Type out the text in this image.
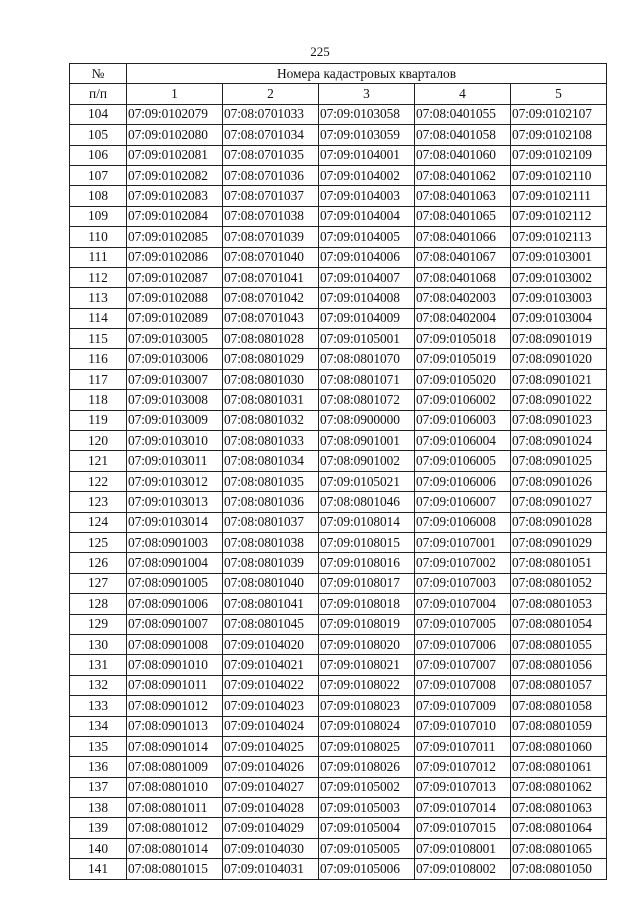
225
№	Номера кадастровых кварталов				
п/п	1	2	3	4	5
104	07:09:0102079	07:08:0701033	07:09:0103058	07:08:0401055	07:09:0102107
105	07:09:0102080	07:08:0701034	07:09:0103059	07:08:0401058	07:09:0102108
106	07:09:0102081	07:08:0701035	07:09:0104001	07:08:0401060	07:09:0102109
107	07:09:0102082	07:08:0701036	07:09:0104002	07:08:0401062	07:09:0102110
108	07:09:0102083	07:08:0701037	07:09:0104003	07:08:0401063	07:09:0102111
109	07:09:0102084	07:08:0701038	07:09:0104004	07:08:0401065	07:09:0102112
110	07:09:0102085	07:08:0701039	07:09:0104005	07:08:0401066	07:09:0102113
111	07:09:0102086	07:08:0701040	07:09:0104006	07:08:0401067	07:09:0103001
112	07:09:0102087	07:08:0701041	07:09:0104007	07:08:0401068	07:09:0103002
113	07:09:0102088	07:08:0701042	07:09:0104008	07:08:0402003	07:09:0103003
114	07:09:0102089	07:08:0701043	07:09:0104009	07:08:0402004	07:09:0103004
115	07:09:0103005	07:08:0801028	07:09:0105001	07:09:0105018	07:08:0901019
116	07:09:0103006	07:08:0801029	07:08:0801070	07:09:0105019	07:08:0901020
117	07:09:0103007	07:08:0801030	07:08:0801071	07:09:0105020	07:08:0901021
118	07:09:0103008	07:08:0801031	07:08:0801072	07:09:0106002	07:08:0901022
119	07:09:0103009	07:08:0801032	07:08:0900000	07:09:0106003	07:08:0901023
120	07:09:0103010	07:08:0801033	07:08:0901001	07:09:0106004	07:08:0901024
121	07:09:0103011	07:08:0801034	07:08:0901002	07:09:0106005	07:08:0901025
122	07:09:0103012	07:08:0801035	07:09:0105021	07:09:0106006	07:08:0901026
123	07:09:0103013	07:08:0801036	07:08:0801046	07:09:0106007	07:08:0901027
124	07:09:0103014	07:08:0801037	07:09:0108014	07:09:0106008	07:08:0901028
125	07:08:0901003	07:08:0801038	07:09:0108015	07:09:0107001	07:08:0901029
126	07:08:0901004	07:08:0801039	07:09:0108016	07:09:0107002	07:08:0801051
127	07:08:0901005	07:08:0801040	07:09:0108017	07:09:0107003	07:08:0801052
128	07:08:0901006	07:08:0801041	07:09:0108018	07:09:0107004	07:08:0801053
129	07:08:0901007	07:08:0801045	07:09:0108019	07:09:0107005	07:08:0801054
130	07:08:0901008	07:09:0104020	07:09:0108020	07:09:0107006	07:08:0801055
131	07:08:0901010	07:09:0104021	07:09:0108021	07:09:0107007	07:08:0801056
132	07:08:0901011	07:09:0104022	07:09:0108022	07:09:0107008	07:08:0801057
133	07:08:0901012	07:09:0104023	07:09:0108023	07:09:0107009	07:08:0801058
134	07:08:0901013	07:09:0104024	07:09:0108024	07:09:0107010	07:08:0801059
135	07:08:0901014	07:09:0104025	07:09:0108025	07:09:0107011	07:08:0801060
136	07:08:0801009	07:09:0104026	07:09:0108026	07:09:0107012	07:08:0801061
137	07:08:0801010	07:09:0104027	07:09:0105002	07:09:0107013	07:08:0801062
138	07:08:0801011	07:09:0104028	07:09:0105003	07:09:0107014	07:08:0801063
139	07:08:0801012	07:09:0104029	07:09:0105004	07:09:0107015	07:08:0801064
140	07:08:0801014	07:09:0104030	07:09:0105005	07:09:0108001	07:08:0801065
141	07:08:0801015	07:09:0104031	07:09:0105006	07:09:0108002	07:08:0801050
